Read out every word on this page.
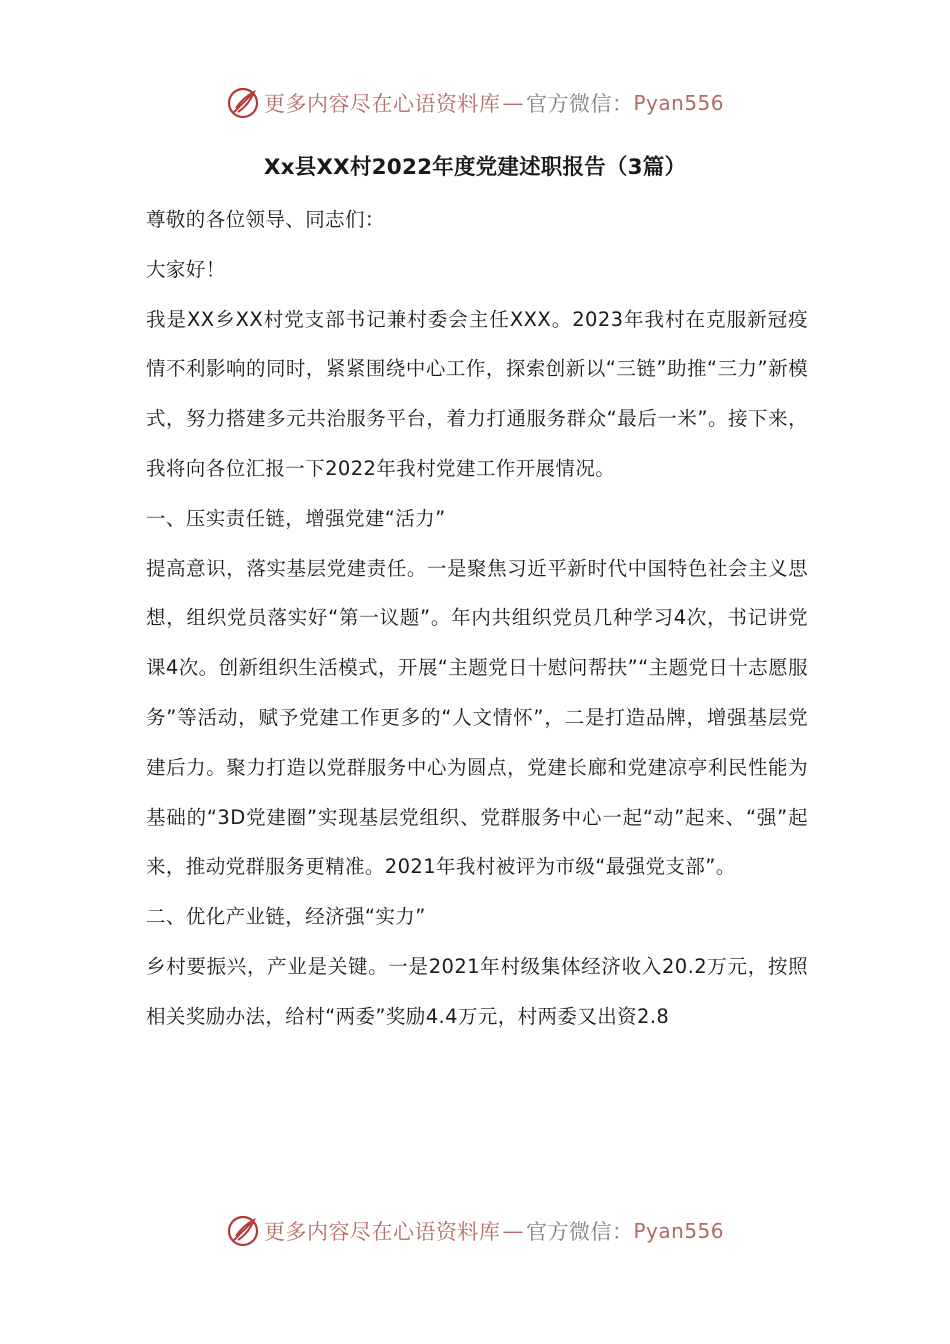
更多内容尽在心语资料库 — 官方微信： Pyan556
Xx县XX村2022年度党建述职报告（3篇）

尊敬的各位领导、同志们：

大家好！

我是XX乡XX村党支部书记兼村委会主任XXX。2023年我村在克服新冠疫情不利影响的同时，紧紧围绕中心工作，探索创新以“三链”助推“三力”新模式，努力搭建多元共治服务平台，着力打通服务群众“最后一米”。接下来，我将向各位汇报一下2022年我村党建工作开展情况。

一、压实责任链，增强党建“活力”

提高意识，落实基层党建责任。一是聚焦习近平新时代中国特色社会主义思想，组织党员落实好“第一议题”。年内共组织党员几种学习4次，书记讲党课4次。创新组织生活模式，开展“主题党日十慰问帮扶”“主题党日十志愿服务”等活动，赋予党建工作更多的“人文情怀”，二是打造品牌，增强基层党建后力。聚力打造以党群服务中心为圆点，党建长廊和党建凉亭利民性能为基础的“3D党建圈”实现基层党组织、党群服务中心一起“动”起来、“强”起来，推动党群服务更精准。2021年我村被评为市级“最强党支部”。

二、优化产业链，经济强“实力”

乡村要振兴，产业是关键。一是2021年村级集体经济收入20.2万元，按照相关奖励办法，给村“两委”奖励4.4万元，村两委又出资2.8

更多内容尽在心语资料库 — 官方微信： Pyan556
